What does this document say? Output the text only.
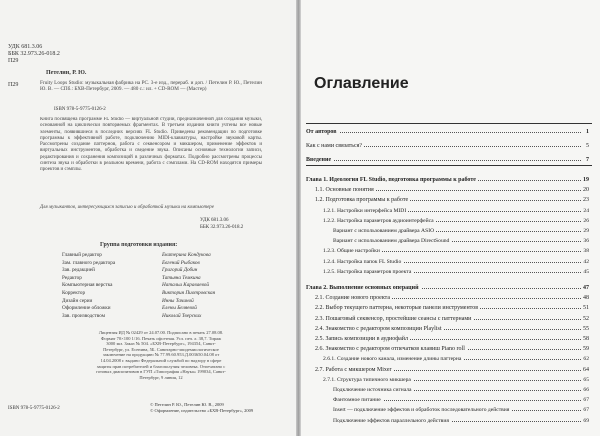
УДК 681.3.06
ББК 32.973.26-018.2
П29
Петелин, Р. Ю.
П29	Fruity Loops Studio: музыкальная фабрика на PC. 3-е изд., перераб. и доп. / Петелин Р. Ю., Петелин Ю. В. — СПб.: БХВ-Петербург, 2009. — 480 с.: ил. + CD-ROM — (Мастер)
ISBN 978-5-9775-0126-2
Книга посвящена программе FL Studio — виртуальной студии, предназначенной для создания музыки, основанной на циклически повторяемых фрагментах. В третьем издании книги учтены все новые элементы, появившиеся в последних версиях FL Studio. Приведены рекомендации по подготовке программы к эффективной работе, подключению MIDI-клавиатуры, настройке звуковой карты. Рассмотрены создание паттернов, работа с секвенсором и микшером, применение эффектов и виртуальных инструментов, обработка и сведение звука. Описаны основные технологии записи, редактирования и сохранения композиций в различных форматах. Подробно рассмотрены процессы синтеза звука и обработки в реальном времени, работа с сэмплами. На CD-ROM находятся примеры проектов и сэмплы.
Для музыкантов, интересующихся записью и обработкой музыки на компьютере
УДК 681.3.06
ББК 32.973.26-018.2
Группа подготовки издания:
Главный редактор	Екатерина Кондукова
Зам. главного редактора	Евгений Рыбаков
Зав. редакцией	Григорий Добин
Редактор	Татьяна Темкина
Компьютерная верстка	Натальи Караваевой
Корректор	Виктория Пиотровская
Дизайн серии	Инны Тачиной
Оформление обложки	Елены Беляевой
Зав. производством	Николай Тверских
Лицензия ИД № 02429 от 24.07.00. Подписано в печать 27.08.08. Формат 70×100 1/16. Печать офсетная. Усл. печ. л. 38,7. Тираж 3000 экз. Заказ № 504. «БХВ-Петербург», 194354, Санкт-Петербург, ул. Есенина, 5Б. Санитарно-эпидемиологическое заключение на продукцию № 77.99.60.953.Д.003650.04.08 от 14.04.2008 г. выдано Федеральной службой по надзору в сфере защиты прав потребителей и благополучия человека. Отпечатано с готовых диапозитивов в ГУП «Типография «Наука» 199034, Санкт-Петербург, 9 линия, 12
ISBN 978-5-9775-0126-2
© Петелин Р. Ю., Петелин Ю. В., 2009
© Оформление, издательство «БХВ-Петербург», 2009
Оглавление
От авторов	1
Как с нами связаться?	5
Введение	7
Глава 1. Идеология FL Studio, подготовка программы к работе	19
1.1. Основные понятия	20
1.2. Подготовка программы к работе	23
1.2.1. Настройки интерфейса MIDI	24
1.2.2. Настройка параметров аудиоинтерфейса	26
Вариант с использованием драйвера ASIO	29
Вариант с использованием драйвера DirectSound	36
1.2.3. Общие настройки	38
1.2.4. Настройка папок FL Studio	42
1.2.5. Настройка параметров проекта	45
Глава 2. Выполнение основных операций	47
2.1. Создание нового проекта	48
2.2. Выбор текущего паттерна, некоторые панели инструментов	51
2.3. Пошаговый секвенсор, простейшие сеансы с паттернами	52
2.4. Знакомство с редактором композиции Playlist	55
2.5. Запись композиции в аудиофайл	58
2.6. Знакомство с редактором отпечатков клавиш Piano roll	59
2.6.1. Создание нового канала, изменение длины паттерна	62
2.7. Работа с микшером Mixer	64
2.7.1. Структура типичного микшера	65
Подключение источника сигнала	66
Фантомное питание	67
Insert — подключение эффектов и обработок последовательного действия	67
Подключение эффектов параллельного действия	69
